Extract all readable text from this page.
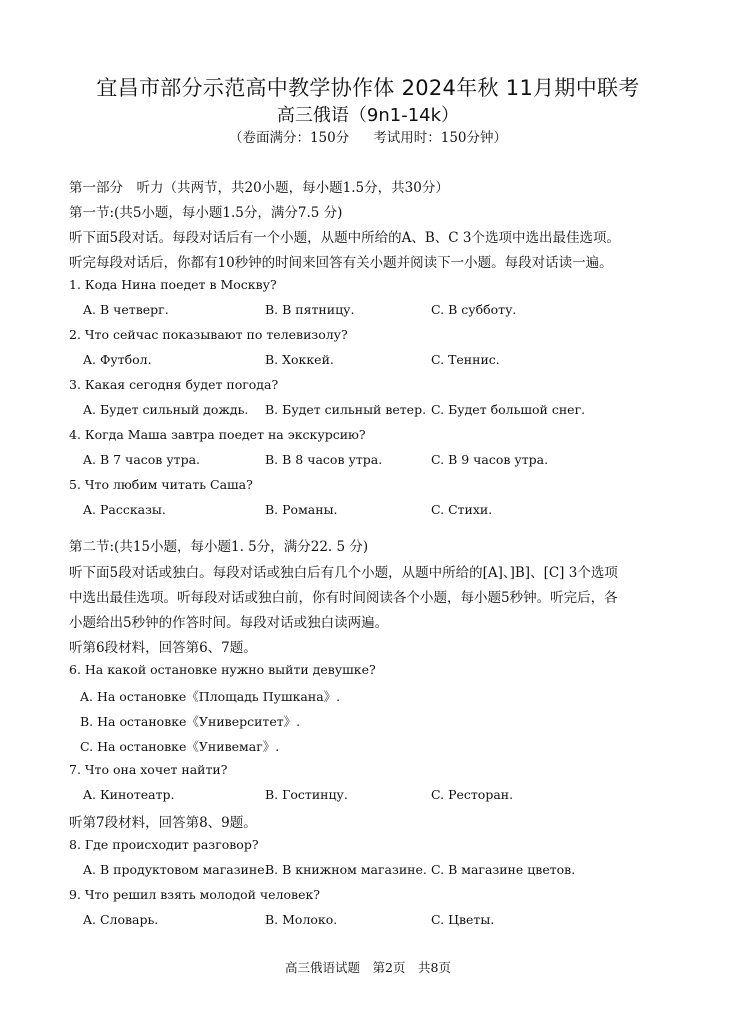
宜昌市部分示范高中教学协作体 2024年秋 11月期中联考
高三俄语（9n1-14k）
（卷面满分：150分 考试用时：150分钟）
第一部分　听力（共两节，共20小题，每小题1.5分，共30分）
第一节:(共5小题，每小题1.5分，满分7.5 分)
听下面5段对话。每段对话后有一个小题，从题中所给的A、B、C 3个选项中选出最佳选项。
听完每段对话后，你都有10秒钟的时间来回答有关小题并阅读下一小题。每段对话读一遍。
1. Кода Нина поедет в Москву?
A. В четверг.	B. В пятницу.	C. В субботу.
2. Что сейчас показывают по телевизолу?
A. Футбол.	B. Хоккей.	C. Теннис.
3. Какая сегодня будет погода?
A. Будет сильный дождь. B. Будет сильный ветер. C. Будет большой снег.
4. Когда Маша завтра поедет на экскурсию?
A. В 7 часов утра.	B. В 8 часов утра.	C. В 9 часов утра.
5. Что любим читать Саша?
A. Рассказы.	B. Романы.	C. Стихи.
第二节:(共15小题，每小题1. 5分，满分22. 5 分)
听下面5段对话或独白。每段对话或独白后有几个小题，从题中所给的[A]、]B]、[C] 3个选项
中选出最佳选项。听每段对话或独白前，你有时间阅读各个小题，每小题5秒钟。听完后，各
小题给出5秒钟的作答时间。每段对话或独白读两遍。
听第6段材料，回答第6、7题。
6. На какой остановке нужно выйти девушке?
A. На остановке《Площадь Пушкана》.
B. На остановке《Университет》.
C. На остановке《Унивемаг》.
7. Что она хочет найти?
A. Кинотеатр.	B. Гостинцу.	C. Ресторан.
听第7段材料，回答第8、9题。
8. Где происходит разговор?
A. В продуктовом магазине.
B. В книжном магазине. C. В магазине цветов.
9. Что решил взять молодой человек?
A. Словарь.	B. Молоко.	C. Цветы.
高三俄语试题　第2页　共8页
